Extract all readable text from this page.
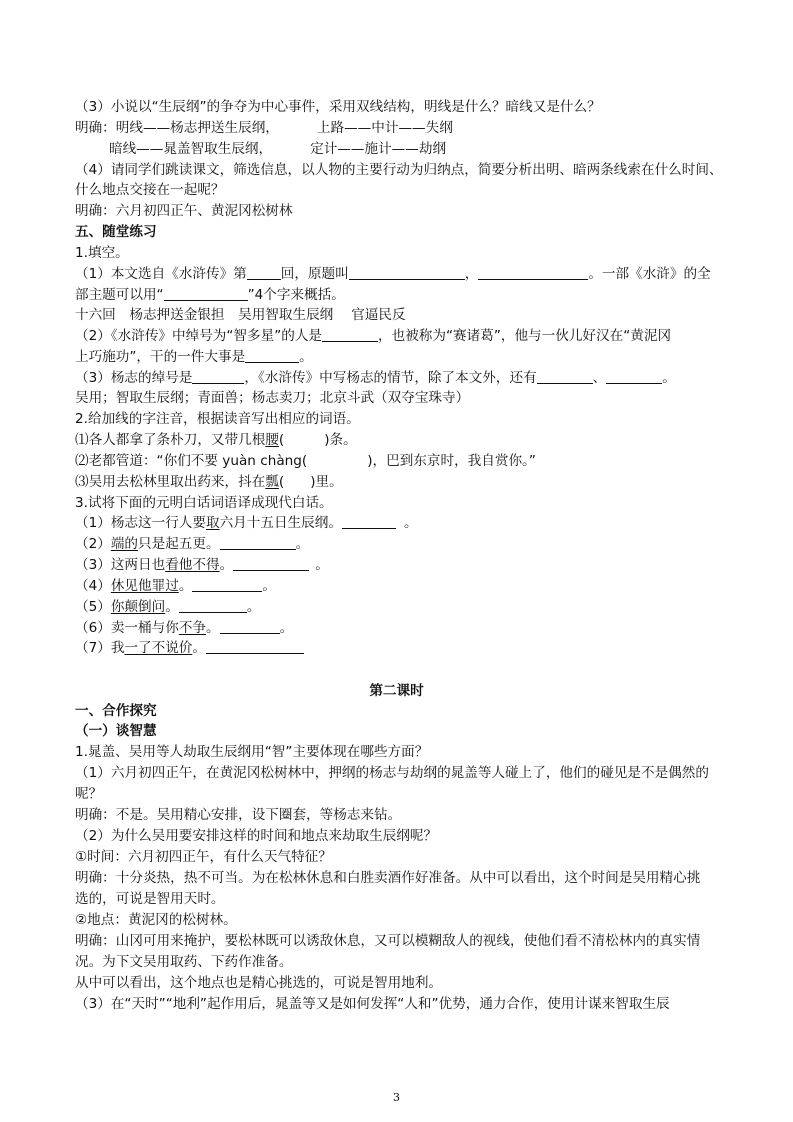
（3）小说以“生辰纲”的争夺为中心事件，采用双线结构，明线是什么？暗线又是什么？
明确：明线——杨志押送生辰纲，	上路——中计——失纲
暗线——晁盖智取生辰纲，	定计——施计——劫纲
（4）请同学们跳读课文，筛选信息，以人物的主要行动为归纳点，简要分析出明、暗两条线索在什么时间、
什么地点交接在一起呢？
明确：六月初四正午、黄泥冈松树林
五、随堂练习
1.填空。
（1）本文选自《水浒传》第	回，原题叫	，	。一部《水浒》的全
部主题可以用“	”4个字来概括。
十六回　杨志押送金银担　吴用智取生辰纲　 官逼民反
（2）《水浒传》中绰号为“智多星”的人是	，也被称为“赛诸葛”，他与一伙儿好汉在“黄泥冈
上巧施功”，干的一件大事是	。
（3）杨志的绰号是	，《水浒传》中写杨志的情节，除了本文外，还有	、	。
吴用；智取生辰纲；青面兽；杨志卖刀；北京斗武（双夺宝珠寺）
2.给加线的字注音，根据读音写出相应的词语。
⑴各人都拿了条朴刀，又带几根腰(	)条。
⑵老都管道：“你们不要 yuàn chàng(	)，巴到东京时，我自赏你。”
⑶吴用去松林里取出药来，抖在瓢( )里。
3.试将下面的元明白话词语译成现代白话。
（1）杨志这一行人要取六月十五日生辰纲。	。
（2）端的只是起五更。	。
（3）这两日也看他不得。	。
（4）休见他罪过。	。
（5）你颠倒问。	。
（6）卖一桶与你不争。	。
（7）我一了不说价。
第二课时
一、合作探究
（一）谈智慧
1.晁盖、吴用等人劫取生辰纲用“智”主要体现在哪些方面？
（1）六月初四正午，在黄泥冈松树林中，押纲的杨志与劫纲的晁盖等人碰上了，他们的碰见是不是偶然的
呢？
明确：不是。吴用精心安排，设下圈套，等杨志来钻。
（2）为什么吴用要安排这样的时间和地点来劫取生辰纲呢？
①时间：六月初四正午，有什么天气特征？
明确：十分炎热，热不可当。为在松林休息和白胜卖酒作好准备。从中可以看出，这个时间是吴用精心挑
选的，可说是智用天时。
②地点：黄泥冈的松树林。
明确：山冈可用来掩护，要松林既可以诱敌休息，又可以模糊敌人的视线，使他们看不清松林内的真实情
况。为下文吴用取药、下药作准备。
从中可以看出，这个地点也是精心挑选的，可说是智用地利。
（3）在“天时”“地利”起作用后，晁盖等又是如何发挥“人和”优势，通力合作，使用计谋来智取生辰
3
